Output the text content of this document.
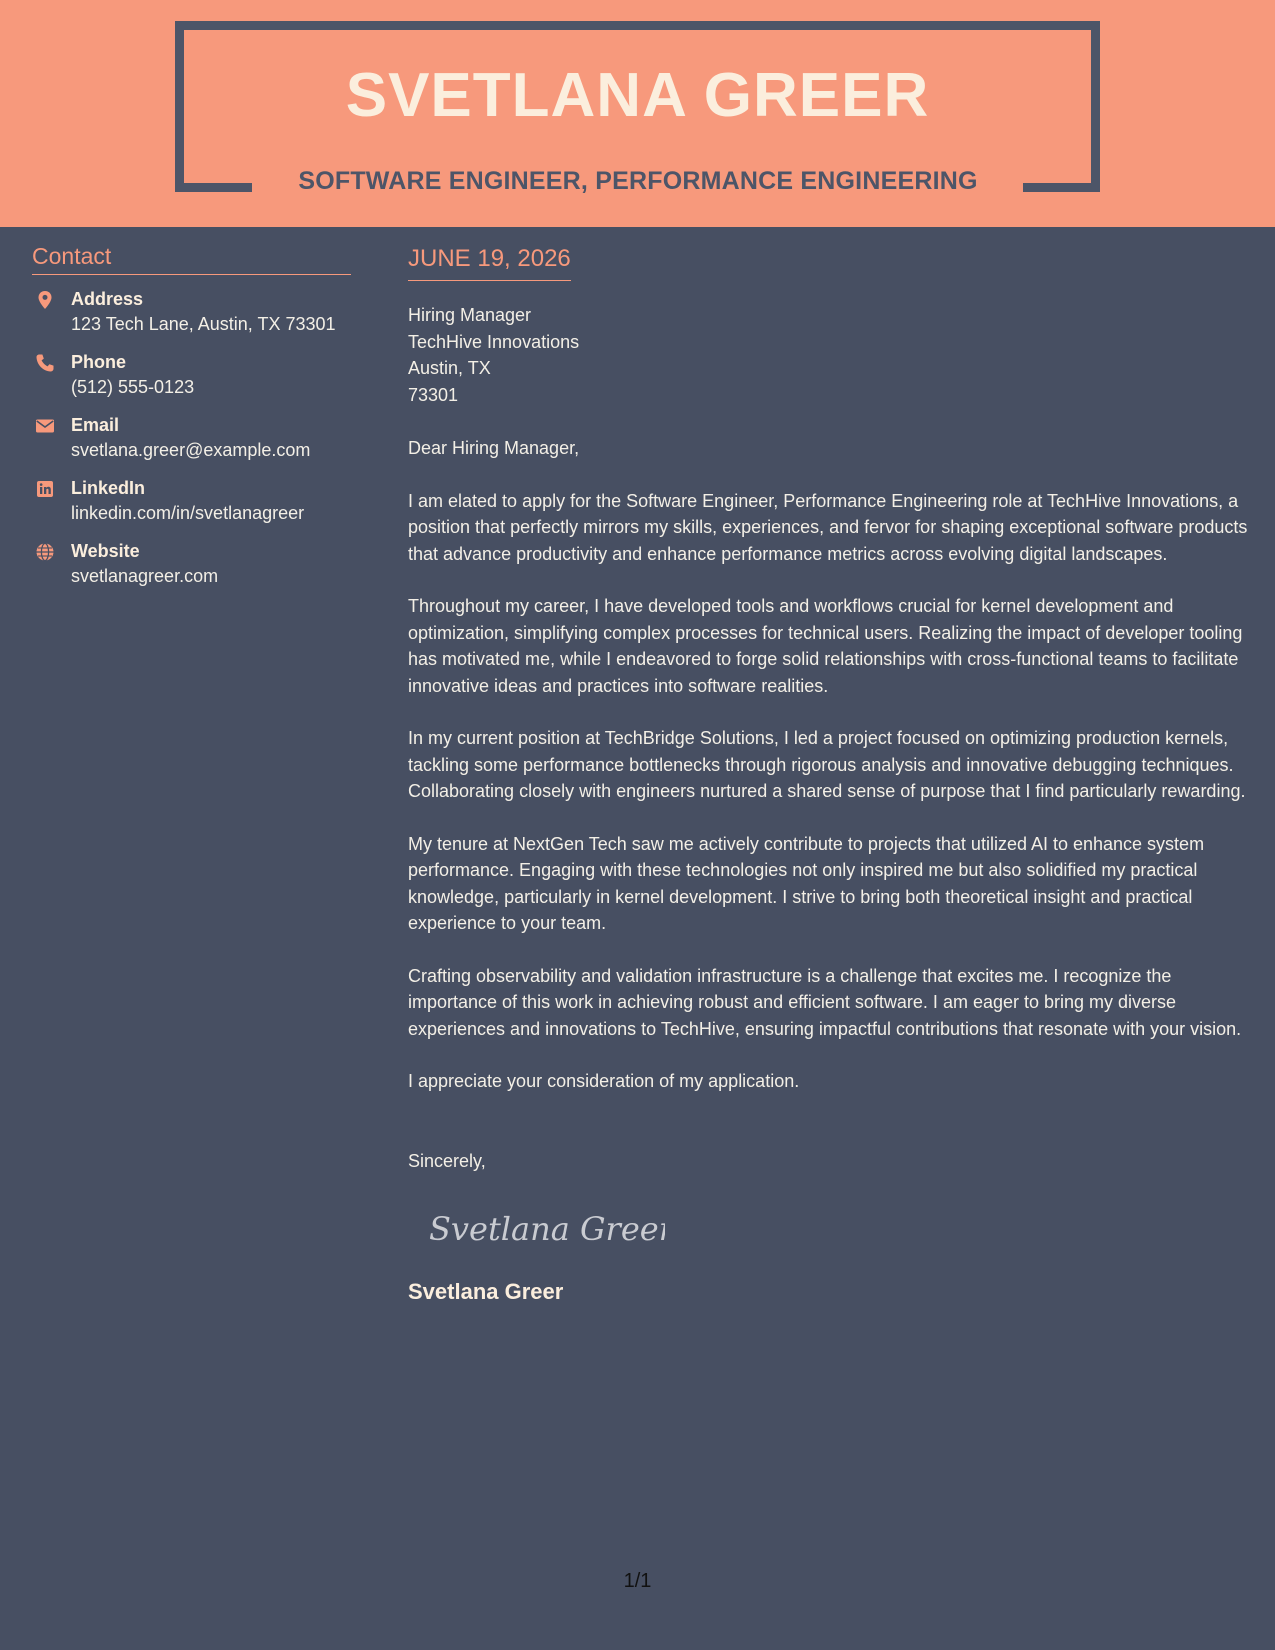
SVETLANA GREER
SOFTWARE ENGINEER, PERFORMANCE ENGINEERING
Contact
Address
123 Tech Lane, Austin, TX 73301
Phone
(512) 555-0123
Email
svetlana.greer@example.com
LinkedIn
linkedin.com/in/svetlanagreer
Website
svetlanagreer.com
JUNE 19, 2026
Hiring Manager
TechHive Innovations
Austin, TX
73301
Dear Hiring Manager,

I am elated to apply for the Software Engineer, Performance Engineering role at TechHive Innovations, a position that perfectly mirrors my skills, experiences, and fervor for shaping exceptional software products that advance productivity and enhance performance metrics across evolving digital landscapes.

Throughout my career, I have developed tools and workflows crucial for kernel development and optimization, simplifying complex processes for technical users. Realizing the impact of developer tooling has motivated me, while I endeavored to forge solid relationships with cross-functional teams to facilitate innovative ideas and practices into software realities.

In my current position at TechBridge Solutions, I led a project focused on optimizing production kernels, tackling some performance bottlenecks through rigorous analysis and innovative debugging techniques. Collaborating closely with engineers nurtured a shared sense of purpose that I find particularly rewarding.

My tenure at NextGen Tech saw me actively contribute to projects that utilized AI to enhance system performance. Engaging with these technologies not only inspired me but also solidified my practical knowledge, particularly in kernel development. I strive to bring both theoretical insight and practical experience to your team.

Crafting observability and validation infrastructure is a challenge that excites me. I recognize the importance of this work in achieving robust and efficient software. I am eager to bring my diverse experiences and innovations to TechHive, ensuring impactful contributions that resonate with your vision.

I appreciate your consideration of my application.

Sincerely,
Svetlana Greer
Svetlana Greer
1/1
